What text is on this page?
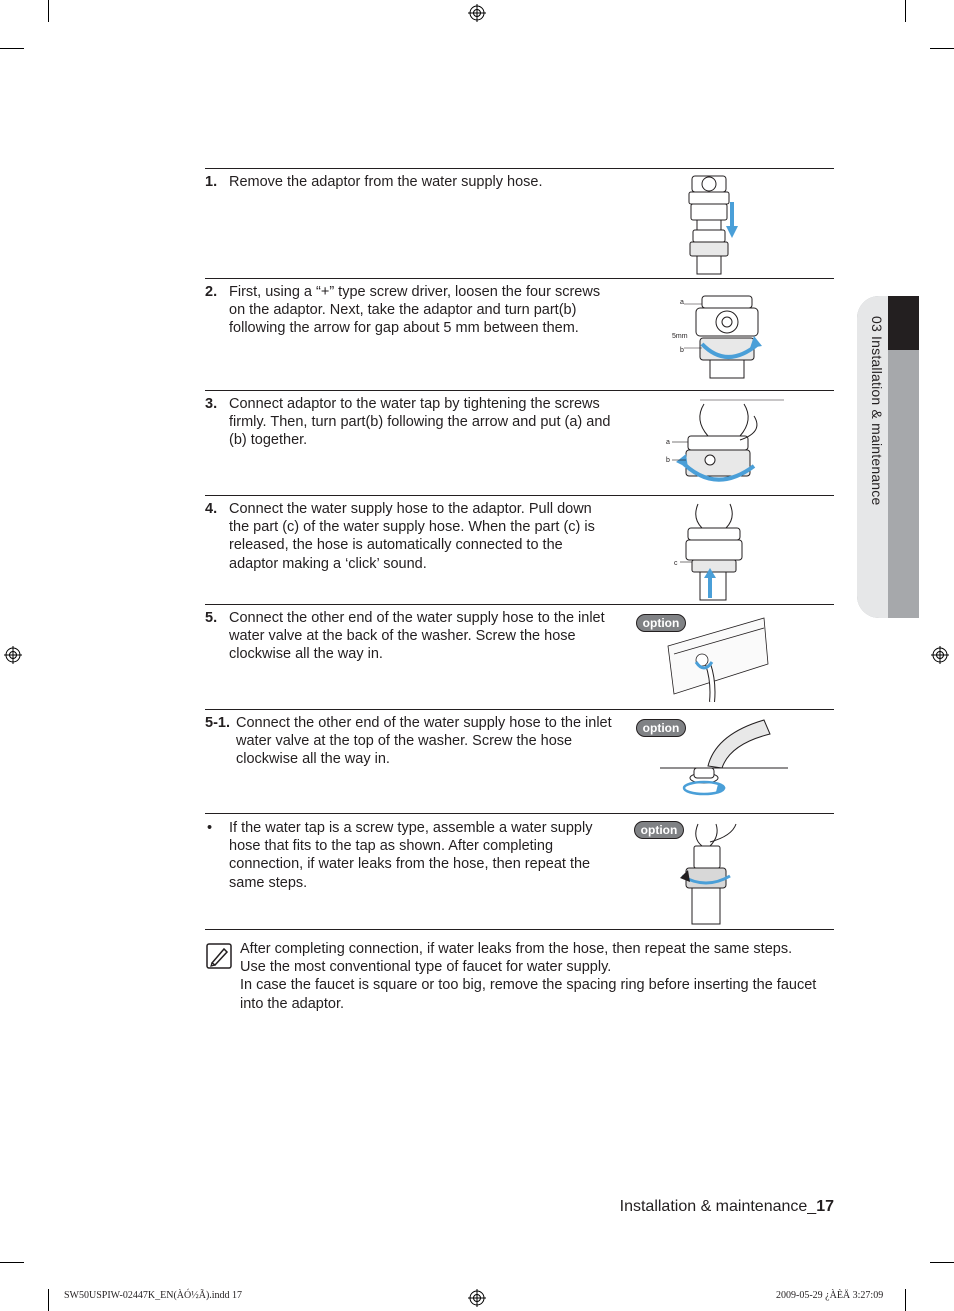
03 Installation & maintenance
1. Remove the adaptor from the water supply hose.
2. First, using a “+” type screw driver, loosen the four screws on the adaptor. Next, take the adaptor and turn part(b) following the arrow for gap about 5 mm between them.
3. Connect adaptor to the water tap by tightening the screws firmly. Then, turn part(b) following the arrow and put (a) and (b) together.
4. Connect the water supply hose to the adaptor. Pull down the part (c) of the water supply hose. When the part (c) is released, the hose is automatically connected to the adaptor making a ‘click’ sound.
5. Connect the other end of the water supply hose to the inlet water valve at the back of the washer. Screw the hose clockwise all the way in.
5-1. Connect the other end of the water supply hose to the inlet water valve at the top of the washer. Screw the hose clockwise all the way in.
• If the water tap is a screw type, assemble a water supply hose that fits to the tap as shown. After completing connection, if water leaks from the hose, then repeat the same steps.
a
5mm
b
a
b
c
option
option
option
After completing connection, if water leaks from the hose, then repeat the same steps.
Use the most conventional type of faucet for water supply.
In case the faucet is square or too big, remove the spacing ring before inserting the faucet into the adaptor.
Installation & maintenance_17
SW50USPIW-02447K_EN(ÀÓ½Ã).indd 17	2009-05-29 ¿ÀÈÄ 3:27:09
